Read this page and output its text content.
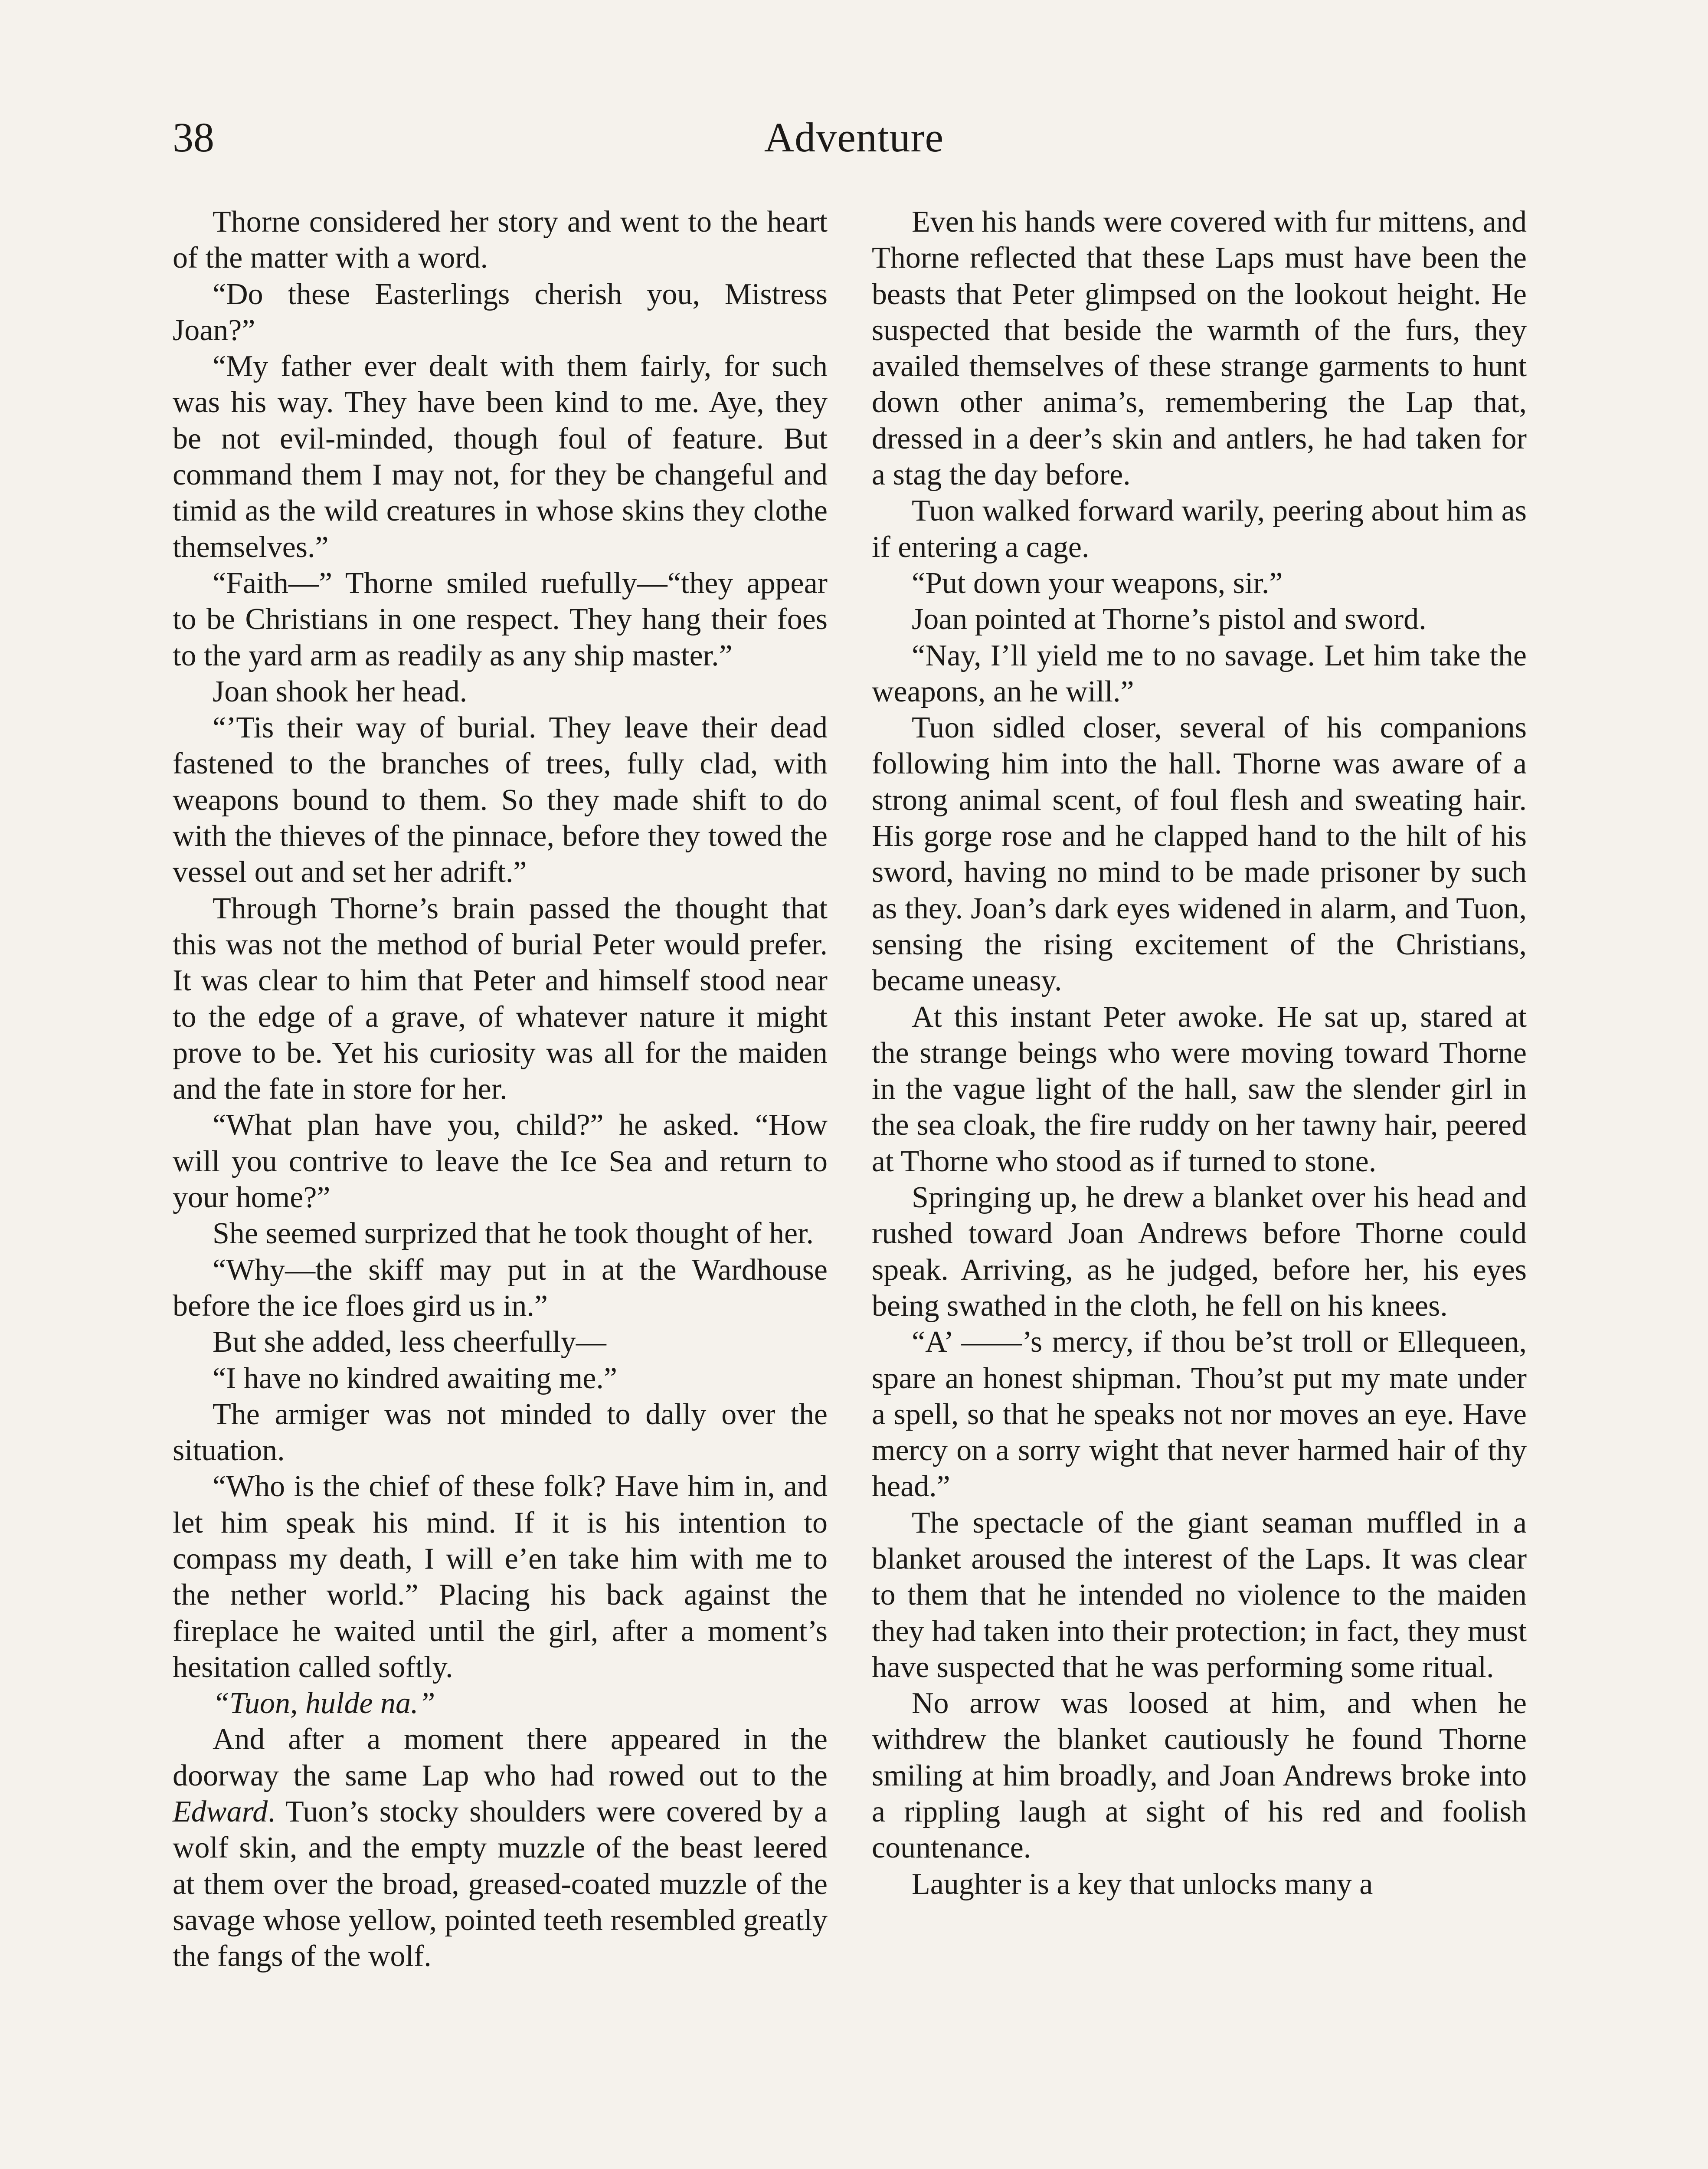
38	Adventure

Thorne considered her story and went to the heart of the matter with a word.

“Do these Easterlings cherish you, Mistress Joan?”

“My father ever dealt with them fairly, for such was his way. They have been kind to me. Aye, they be not evil-minded, though foul of feature. But command them I may not, for they be changeful and timid as the wild creatures in whose skins they clothe themselves.”

“Faith—” Thorne smiled ruefully—“they appear to be Christians in one respect. They hang their foes to the yard arm as readily as any ship master.”

Joan shook her head.

“’Tis their way of burial. They leave their dead fastened to the branches of trees, fully clad, with weapons bound to them. So they made shift to do with the thieves of the pinnace, before they towed the vessel out and set her adrift.”

Through Thorne’s brain passed the thought that this was not the method of burial Peter would prefer. It was clear to him that Peter and himself stood near to the edge of a grave, of whatever nature it might prove to be. Yet his curiosity was all for the maiden and the fate in store for her.

“What plan have you, child?” he asked. “How will you contrive to leave the Ice Sea and return to your home?”

She seemed surprized that he took thought of her.

“Why—the skiff may put in at the Wardhouse before the ice floes gird us in.”

But she added, less cheerfully—

“I have no kindred awaiting me.”

The armiger was not minded to dally over the situation.

“Who is the chief of these folk? Have him in, and let him speak his mind. If it is his intention to compass my death, I will e’en take him with me to the nether world.” Placing his back against the fireplace he waited until the girl, after a moment’s hesitation called softly.

“Tuon, hulde na.”

And after a moment there appeared in the doorway the same Lap who had rowed out to the Edward. Tuon’s stocky shoulders were covered by a wolf skin, and the empty muzzle of the beast leered at them over the broad, greased-coated muzzle of the savage whose yellow, pointed teeth resembled greatly the fangs of the wolf.

Even his hands were covered with fur mittens, and Thorne reflected that these Laps must have been the beasts that Peter glimpsed on the lookout height. He suspected that beside the warmth of the furs, they availed themselves of these strange garments to hunt down other anima’s, remembering the Lap that, dressed in a deer’s skin and antlers, he had taken for a stag the day before.

Tuon walked forward warily, peering about him as if entering a cage.

“Put down your weapons, sir.”

Joan pointed at Thorne’s pistol and sword.

“Nay, I’ll yield me to no savage. Let him take the weapons, an he will.”

Tuon sidled closer, several of his companions following him into the hall. Thorne was aware of a strong animal scent, of foul flesh and sweating hair. His gorge rose and he clapped hand to the hilt of his sword, having no mind to be made prisoner by such as they. Joan’s dark eyes widened in alarm, and Tuon, sensing the rising excitement of the Christians, became uneasy.

At this instant Peter awoke. He sat up, stared at the strange beings who were moving toward Thorne in the vague light of the hall, saw the slender girl in the sea cloak, the fire ruddy on her tawny hair, peered at Thorne who stood as if turned to stone.

Springing up, he drew a blanket over his head and rushed toward Joan Andrews before Thorne could speak. Arriving, as he judged, before her, his eyes being swathed in the cloth, he fell on his knees.

“A’ ——’s mercy, if thou be’st troll or Ellequeen, spare an honest shipman. Thou’st put my mate under a spell, so that he speaks not nor moves an eye. Have mercy on a sorry wight that never harmed hair of thy head.”

The spectacle of the giant seaman muffled in a blanket aroused the interest of the Laps. It was clear to them that he intended no violence to the maiden they had taken into their protection; in fact, they must have suspected that he was performing some ritual.

No arrow was loosed at him, and when he withdrew the blanket cautiously he found Thorne smiling at him broadly, and Joan Andrews broke into a rippling laugh at sight of his red and foolish countenance.

Laughter is a key that unlocks many a
